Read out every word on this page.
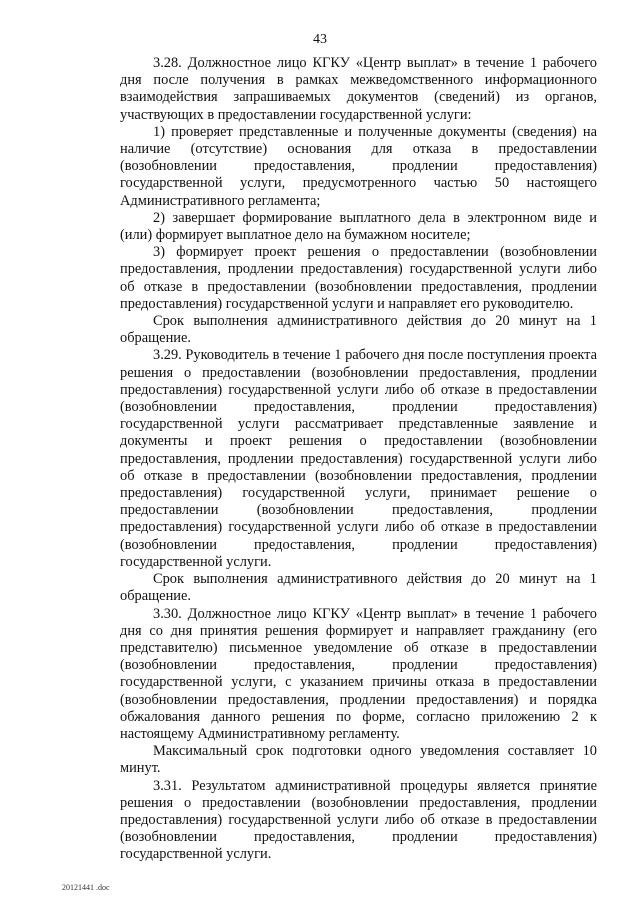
43

3.28. Должностное лицо КГКУ «Центр выплат» в течение 1 рабочего дня после получения в рамках межведомственного информационного взаимодействия запрашиваемых документов (сведений) из органов, участвующих в предоставлении государственной услуги:

1) проверяет представленные и полученные документы (сведения) на наличие (отсутствие) основания для отказа в предоставлении (возобновлении предоставления, продлении предоставления) государственной услуги, предусмотренного частью 50 настоящего Административного регламента;

2) завершает формирование выплатного дела в электронном виде и (или) формирует выплатное дело на бумажном носителе;

3) формирует проект решения о предоставлении (возобновлении предоставления, продлении предоставления) государственной услуги либо об отказе в предоставлении (возобновлении предоставления, продлении предоставления) государственной услуги и направляет его руководителю.

Срок выполнения административного действия до 20 минут на 1 обращение.

3.29. Руководитель в течение 1 рабочего дня после поступления проекта решения о предоставлении (возобновлении предоставления, продлении предоставления) государственной услуги либо об отказе в предоставлении (возобновлении предоставления, продлении предоставления) государственной услуги рассматривает представленные заявление и документы и проект решения о предоставлении (возобновлении предоставления, продлении предоставления) государственной услуги либо об отказе в предоставлении (возобновлении предоставления, продлении предоставления) государственной услуги, принимает решение о предоставлении (возобновлении предоставления, продлении предоставления) государственной услуги либо об отказе в предоставлении (возобновлении предоставления, продлении предоставления) государственной услуги.

Срок выполнения административного действия до 20 минут на 1 обращение.

3.30. Должностное лицо КГКУ «Центр выплат» в течение 1 рабочего дня со дня принятия решения формирует и направляет гражданину (его представителю) письменное уведомление об отказе в предоставлении (возобновлении предоставления, продлении предоставления) государственной услуги, с указанием причины отказа в предоставлении (возобновлении предоставления, продлении предоставления) и порядка обжалования данного решения по форме, согласно приложению 2 к настоящему Административному регламенту.

Максимальный срок подготовки одного уведомления составляет 10 минут.

3.31. Результатом административной процедуры является принятие решения о предоставлении (возобновлении предоставления, продлении предоставления) государственной услуги либо об отказе в предоставлении (возобновлении предоставления, продлении предоставления) государственной услуги.

20121441 .doc
